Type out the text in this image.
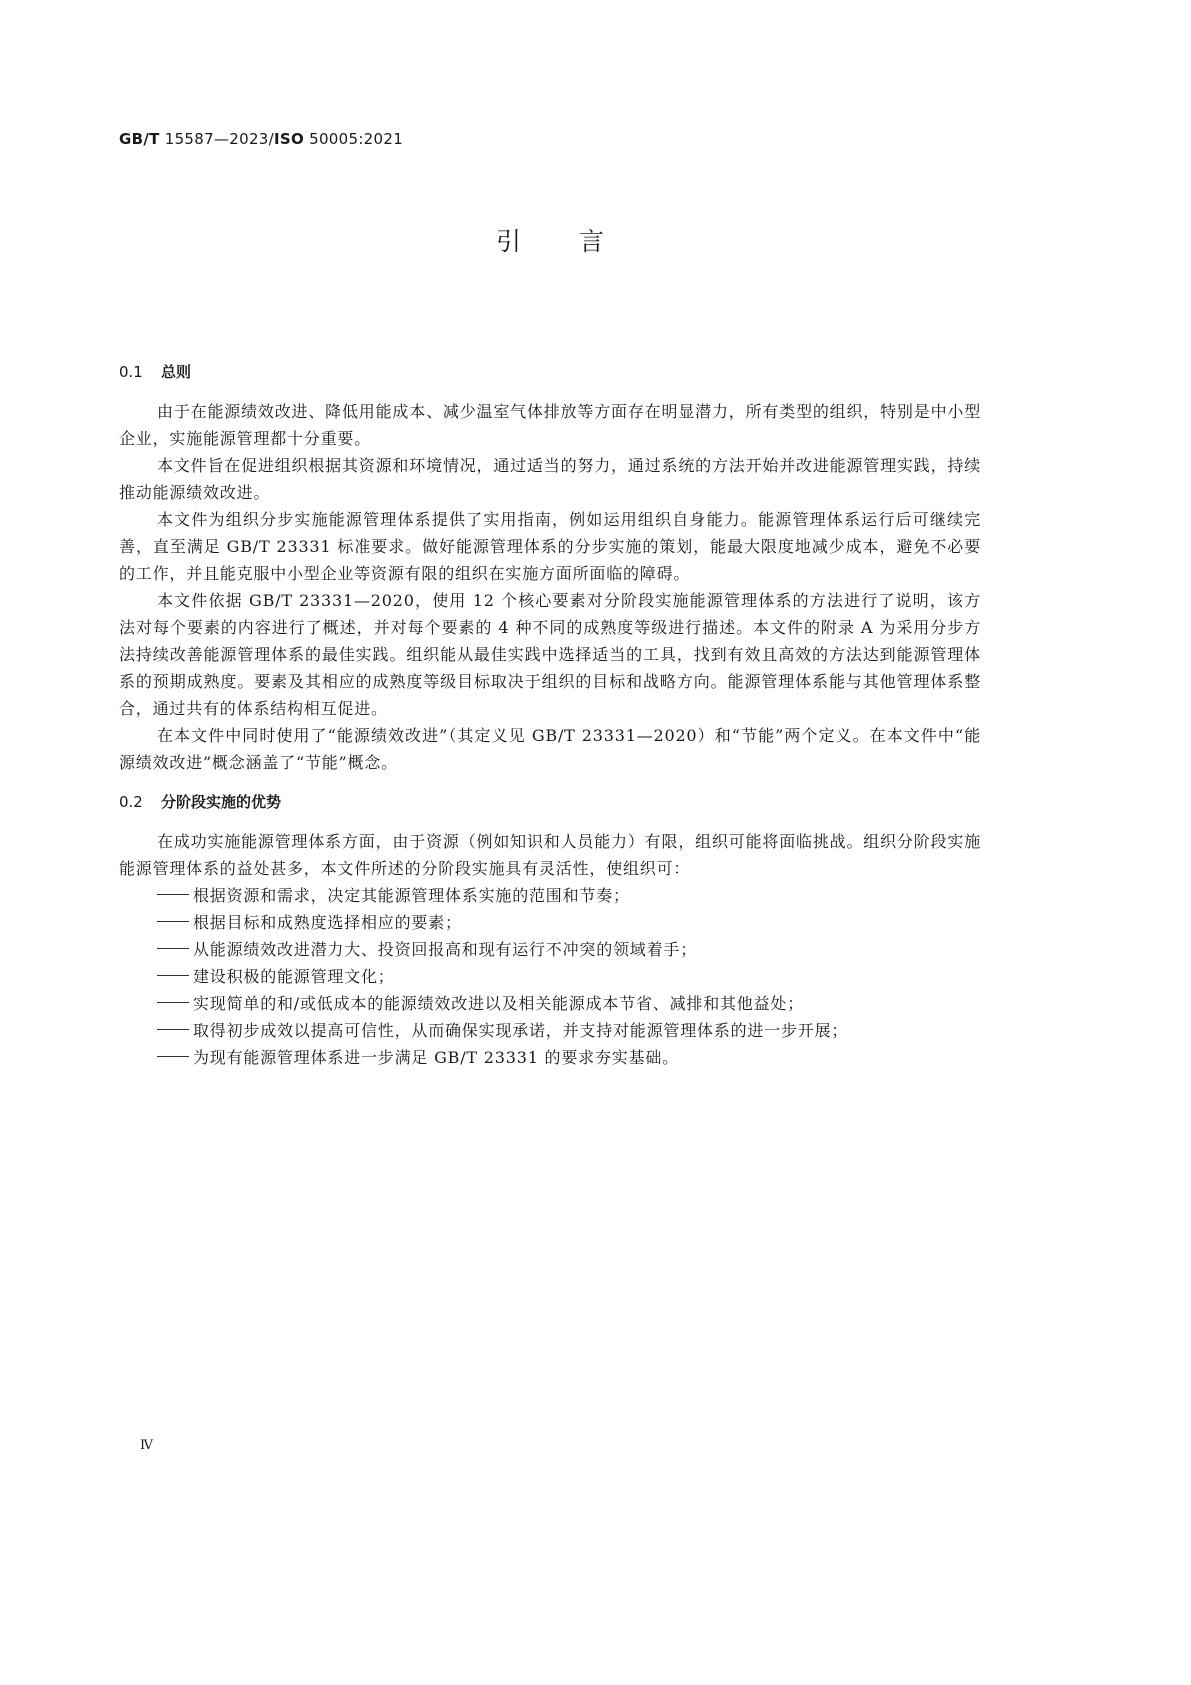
GB/T 15587—2023/ISO 50005:2021
引言
0.1 总则

由于在能源绩效改进、降低用能成本、减少温室气体排放等方面存在明显潜力，所有类型的组织，特别是中小型企业，实施能源管理都十分重要。

本文件旨在促进组织根据其资源和环境情况，通过适当的努力，通过系统的方法开始并改进能源管理实践，持续推动能源绩效改进。

本文件为组织分步实施能源管理体系提供了实用指南，例如运用组织自身能力。能源管理体系运行后可继续完善，直至满足 GB/T 23331 标准要求。做好能源管理体系的分步实施的策划，能最大限度地减少成本，避免不必要的工作，并且能克服中小型企业等资源有限的组织在实施方面所面临的障碍。

本文件依据 GB/T 23331—2020，使用 12 个核心要素对分阶段实施能源管理体系的方法进行了说明，该方法对每个要素的内容进行了概述，并对每个要素的 4 种不同的成熟度等级进行描述。本文件的附录 A 为采用分步方法持续改善能源管理体系的最佳实践。组织能从最佳实践中选择适当的工具，找到有效且高效的方法达到能源管理体系的预期成熟度。要素及其相应的成熟度等级目标取决于组织的目标和战略方向。能源管理体系能与其他管理体系整合，通过共有的体系结构相互促进。

在本文件中同时使用了“能源绩效改进”（其定义见 GB/T 23331—2020）和“节能”两个定义。在本文件中“能源绩效改进”概念涵盖了“节能”概念。

0.2 分阶段实施的优势

在成功实施能源管理体系方面，由于资源（例如知识和人员能力）有限，组织可能将面临挑战。组织分阶段实施能源管理体系的益处甚多，本文件所述的分阶段实施具有灵活性，使组织可：

根据资源和需求，决定其能源管理体系实施的范围和节奏；
根据目标和成熟度选择相应的要素；
从能源绩效改进潜力大、投资回报高和现有运行不冲突的领域着手；
建设积极的能源管理文化；
实现简单的和/或低成本的能源绩效改进以及相关能源成本节省、减排和其他益处；
取得初步成效以提高可信性，从而确保实现承诺，并支持对能源管理体系的进一步开展；
为现有能源管理体系进一步满足 GB/T 23331 的要求夯实基础。
Ⅳ
